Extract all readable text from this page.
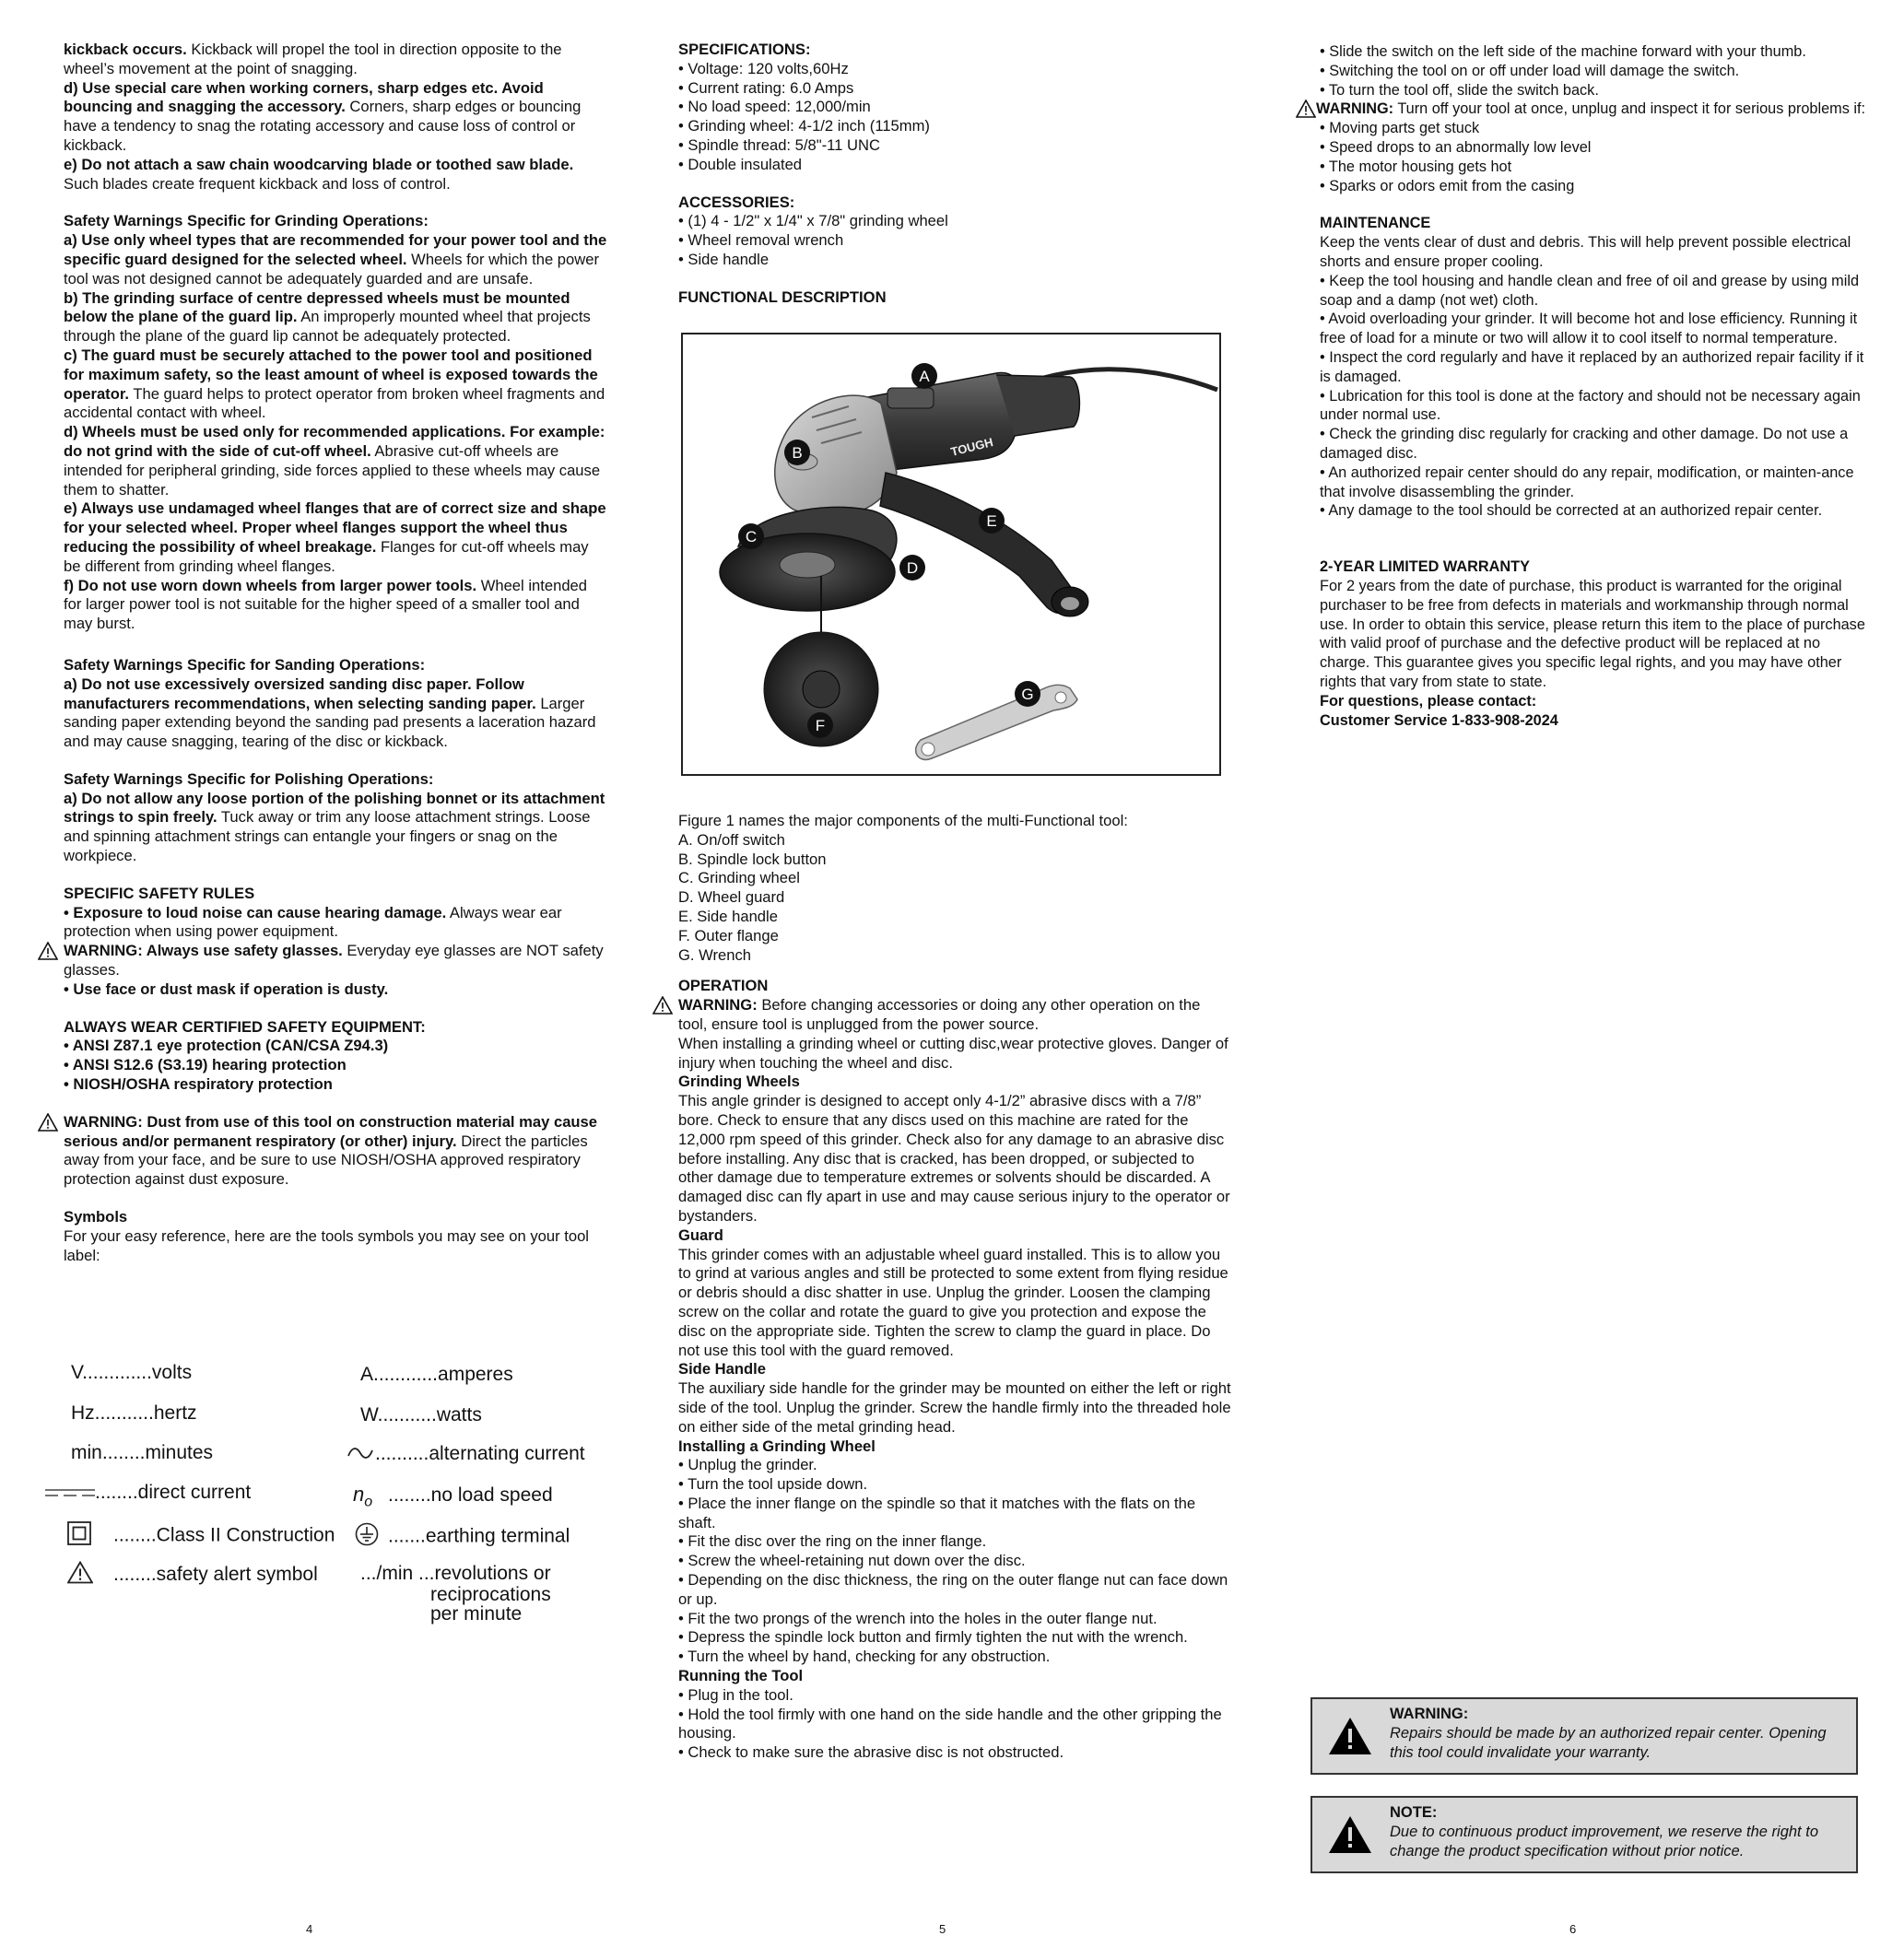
kickback occurs. Kickback will propel the tool in direction opposite to the wheel’s movement at the point of snagging.

d) Use special care when working corners, sharp edges etc. Avoid bouncing and snagging the accessory. Corners, sharp edges or bouncing have a tendency to snag the rotating accessory and cause loss of control or kickback.

e) Do not attach a saw chain woodcarving blade or toothed saw blade. Such blades create frequent kickback and loss of control.

Safety Warnings Specific for Grinding Operations:

a) Use only wheel types that are recommended for your power tool and the specific guard designed for the selected wheel. Wheels for which the power tool was not designed cannot be adequately guarded and are unsafe.

b) The grinding surface of centre depressed wheels must be mounted below the plane of the guard lip. An improperly mounted wheel that projects through the plane of the guard lip cannot be adequately protected.

c) The guard must be securely attached to the power tool and positioned for maximum safety, so the least amount of wheel is exposed towards the operator. The guard helps to protect operator from broken wheel fragments and accidental contact with wheel.

d) Wheels must be used only for recommended applications. For example: do not grind with the side of cut-off wheel. Abrasive cut-off wheels are intended for peripheral grinding, side forces applied to these wheels may cause them to shatter.

e) Always use undamaged wheel flanges that are of correct size and shape for your selected wheel. Proper wheel flanges support the wheel thus reducing the possibility of wheel breakage. Flanges for cut-off wheels may be different from grinding wheel flanges.

f) Do not use worn down wheels from larger power tools. Wheel intended for larger power tool is not suitable for the higher speed of a smaller tool and may burst.

Safety Warnings Specific for Sanding Operations:

a) Do not use excessively oversized sanding disc paper. Follow manufacturers recommendations, when selecting sanding paper. Larger sanding paper extending beyond the sanding pad presents a laceration hazard and may cause snagging, tearing of the disc or kickback.

Safety Warnings Specific for Polishing Operations:

a) Do not allow any loose portion of the polishing bonnet or its attachment strings to spin freely. Tuck away or trim any loose attachment strings. Loose and spinning attachment strings can entangle your fingers or snag on the workpiece.

SPECIFIC SAFETY RULES

• Exposure to loud noise can cause hearing damage. Always wear ear protection when using power equipment.

WARNING: Always use safety glasses. Everyday eye glasses are NOT safety glasses.

• Use face or dust mask if operation is dusty.

ALWAYS WEAR CERTIFIED SAFETY EQUIPMENT:

• ANSI Z87.1 eye protection (CAN/CSA Z94.3)

• ANSI S12.6 (S3.19) hearing protection

• NIOSH/OSHA respiratory protection

WARNING: Dust from use of this tool on construction material may cause serious and/or permanent respiratory (or other) injury. Direct the particles away from your face, and be sure to use NIOSH/OSHA approved respiratory protection against dust exposure.

Symbols

For your easy reference, here are the tools symbols you may see on your tool label:

V.............volts
Hz...........hertz
min........minutes
........direct current
........Class II Construction
........safety alert symbol
A............amperes
W...........watts
..........alternating current
$n_o$ ........no load speed
.......earthing terminal
.../min ...revolutions or
reciprocations
per minute

SPECIFICATIONS:

• Voltage: 120 volts,60Hz

• Current rating: 6.0 Amps

• No load speed: 12,000/min

• Grinding wheel: 4-1/2 inch (115mm)

• Spindle thread: 5/8"-11 UNC

• Double insulated

ACCESSORIES:

• (1) 4 - 1/2" x 1/4" x 7/8" grinding wheel

• Wheel removal wrench

• Side handle

FUNCTIONAL DESCRIPTION

TOUGH
A
B
C
D
E
F
G

Figure 1 names the major components of the multi-Functional tool:

A. On/off switch

B. Spindle lock button

C. Grinding wheel

D. Wheel guard

E. Side handle

F. Outer flange

G. Wrench

OPERATION

WARNING: Before changing accessories or doing any other operation on the tool, ensure tool is unplugged from the power source.

When installing a grinding wheel or cutting disc,wear protective gloves. Danger of injury when touching the wheel and disc.

Grinding Wheels

This angle grinder is designed to accept only 4-1/2” abrasive discs with a 7/8” bore. Check to ensure that any discs used on this machine are rated for the 12,000 rpm speed of this grinder. Check also for any damage to an abrasive disc before installing. Any disc that is cracked, has been dropped, or subjected to other damage due to temperature extremes or solvents should be discarded. A damaged disc can fly apart in use and may cause serious injury to the operator or bystanders.

Guard

This grinder comes with an adjustable wheel guard installed. This is to allow you to grind at various angles and still be protected to some extent from flying residue or debris should a disc shatter in use. Unplug the grinder. Loosen the clamping screw on the collar and rotate the guard to give you protection and expose the disc on the appropriate side. Tighten the screw to clamp the guard in place. Do not use this tool with the guard removed.

Side Handle

The auxiliary side handle for the grinder may be mounted on either the left or right side of the tool. Unplug the grinder. Screw the handle firmly into the threaded hole on either side of the metal grinding head.

Installing a Grinding Wheel

• Unplug the grinder.

• Turn the tool upside down.

• Place the inner flange on the spindle so that it matches with the flats on the shaft.

• Fit the disc over the ring on the inner flange.

• Screw the wheel-retaining nut down over the disc.

• Depending on the disc thickness, the ring on the outer flange nut can face down or up.

• Fit the two prongs of the wrench into the holes in the outer flange nut.

• Depress the spindle lock button and firmly tighten the nut with the wrench.

• Turn the wheel by hand, checking for any obstruction.

Running the Tool

• Plug in the tool.

• Hold the tool firmly with one hand on the side handle and the other gripping the housing.

• Check to make sure the abrasive disc is not obstructed.

• Slide the switch on the left side of the machine forward with your thumb.

• Switching the tool on or off under load will damage the switch.

• To turn the tool off, slide the switch back.

WARNING: Turn off your tool at once, unplug and inspect it for serious problems if:

• Moving parts get stuck

• Speed drops to an abnormally low level

• The motor housing gets hot

• Sparks or odors emit from the casing

MAINTENANCE

Keep the vents clear of dust and debris. This will help prevent possible electrical shorts and ensure proper cooling.

• Keep the tool housing and handle clean and free of oil and grease by using mild soap and a damp (not wet) cloth.

• Avoid overloading your grinder. It will become hot and lose efficiency. Running it free of load for a minute or two will allow it to cool itself to normal temperature.

• Inspect the cord regularly and have it replaced by an authorized repair facility if it is damaged.

• Lubrication for this tool is done at the factory and should not be necessary again under normal use.

• Check the grinding disc regularly for cracking and other damage. Do not use a damaged disc.

• An authorized repair center should do any repair, modification, or mainten-ance that involve disassembling the grinder.

• Any damage to the tool should be corrected at an authorized repair center.

2-YEAR LIMITED WARRANTY

For 2 years from the date of purchase, this product is warranted for the original purchaser to be free from defects in materials and workmanship through normal use. In order to obtain this service, please return this item to the place of purchase with valid proof of purchase and the defective product will be replaced at no charge. This guarantee gives you specific legal rights, and you may have other rights that vary from state to state.

For questions, please contact:

Customer Service 1-833-908-2024

WARNING:
Repairs should be made by an authorized repair center. Opening this tool could invalidate your warranty.
NOTE:
Due to continuous product improvement, we reserve the right to change the product specification without prior notice.
4	5	6
